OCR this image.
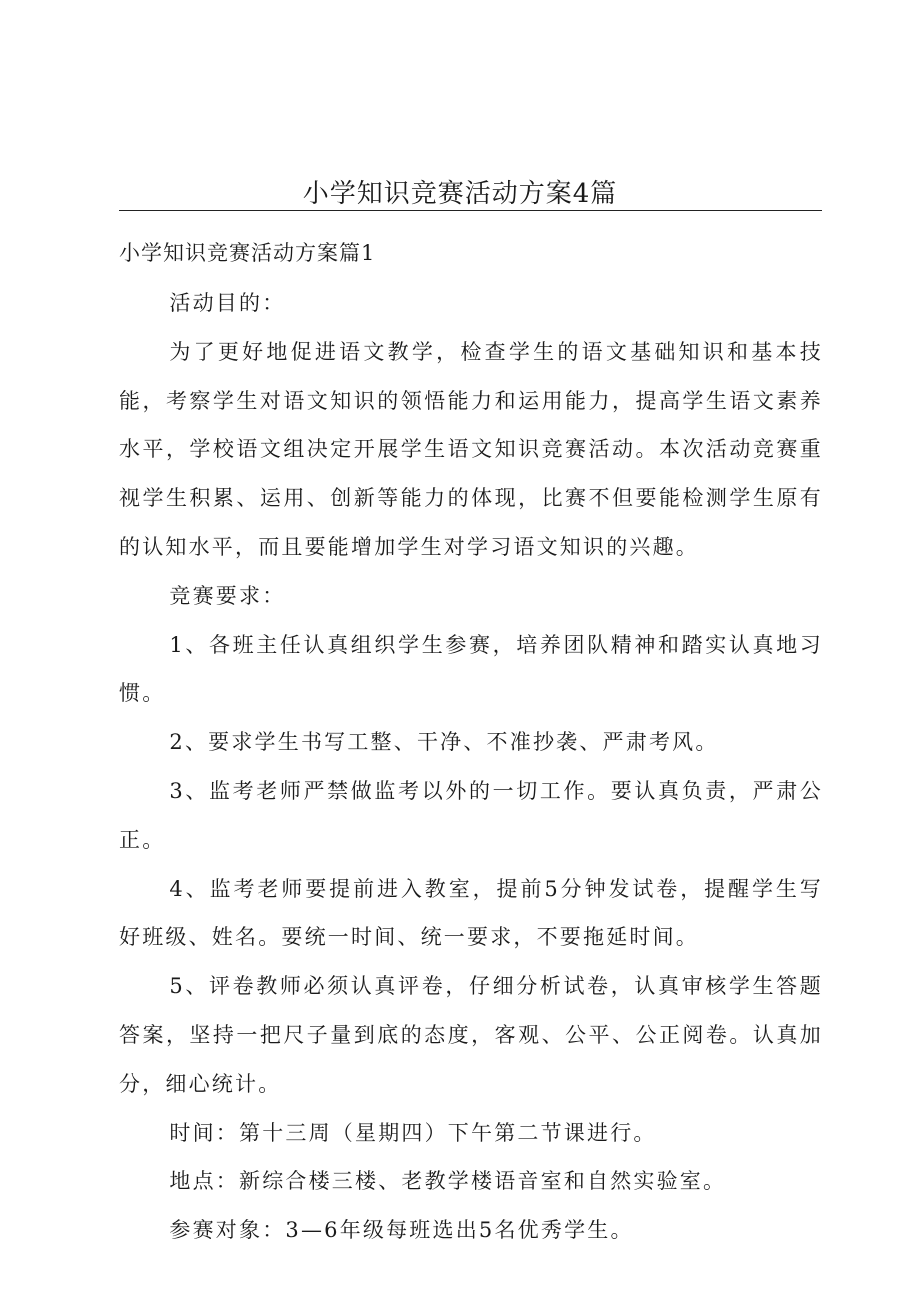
小学知识竞赛活动方案4篇
小学知识竞赛活动方案篇1

活动目的：

为了更好地促进语文教学，检查学生的语文基础知识和基本技能，考察学生对语文知识的领悟能力和运用能力，提高学生语文素养水平，学校语文组决定开展学生语文知识竞赛活动。本次活动竞赛重视学生积累、运用、创新等能力的体现，比赛不但要能检测学生原有的认知水平，而且要能增加学生对学习语文知识的兴趣。

竞赛要求：

1、各班主任认真组织学生参赛，培养团队精神和踏实认真地习惯。

2、要求学生书写工整、干净、不准抄袭、严肃考风。

3、监考老师严禁做监考以外的一切工作。要认真负责，严肃公正。

4、监考老师要提前进入教室，提前5分钟发试卷，提醒学生写好班级、姓名。要统一时间、统一要求，不要拖延时间。

5、评卷教师必须认真评卷，仔细分析试卷，认真审核学生答题答案，坚持一把尺子量到底的态度，客观、公平、公正阅卷。认真加分，细心统计。

时间：第十三周（星期四）下午第二节课进行。

地点：新综合楼三楼、老教学楼语音室和自然实验室。

参赛对象：3—6年级每班选出5名优秀学生。
